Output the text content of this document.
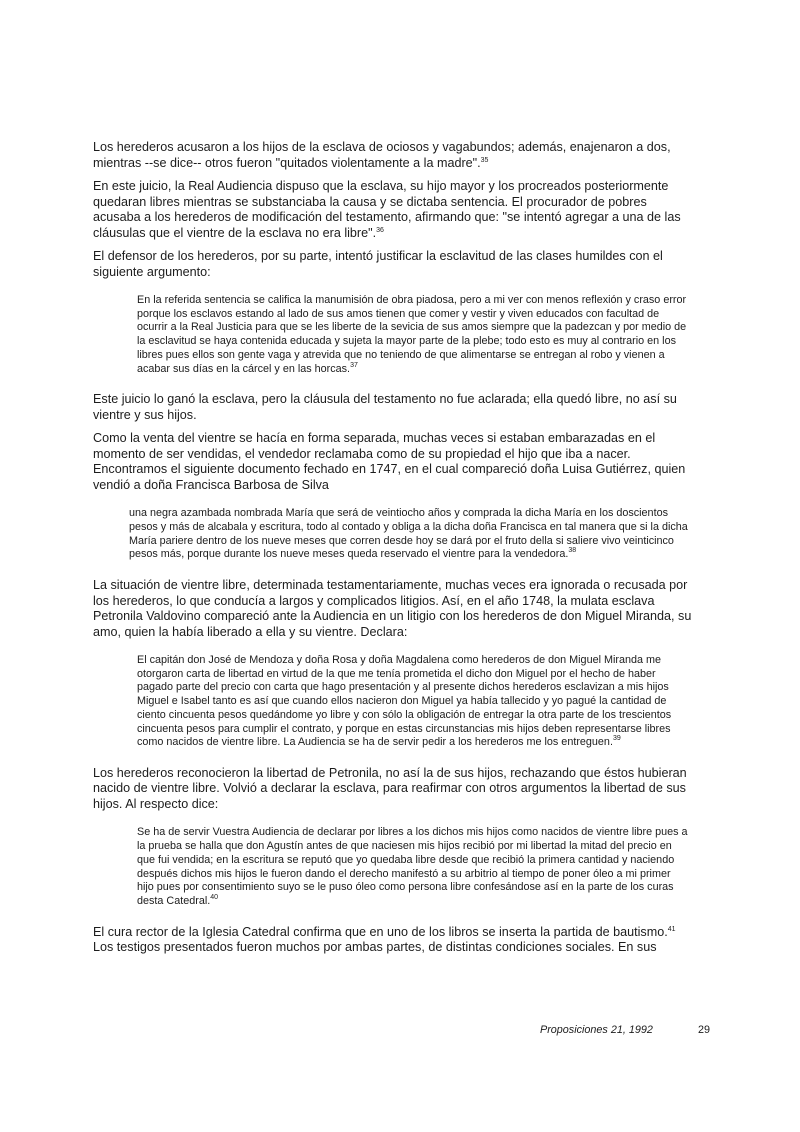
Los herederos acusaron a los hijos de la esclava de ociosos y vagabundos; además, enajenaron a dos, mientras --se dice-- otros fueron "quitados violentamente a la madre".$^{35}$

En este juicio, la Real Audiencia dispuso que la esclava, su hijo mayor y los procreados posteriormente quedaran libres mientras se substanciaba la causa y se dictaba sentencia. El procurador de pobres acusaba a los herederos de modificación del testamento, afirmando que: "se intentó agregar a una de las cláusulas que el vientre de la esclava no era libre".$^{36}$

El defensor de los herederos, por su parte, intentó justificar la esclavitud de las clases humildes con el siguiente argumento:

En la referida sentencia se califica la manumisión de obra piadosa, pero a mi ver con menos reflexión y craso error porque los esclavos estando al lado de sus amos tienen que comer y vestir y viven educados con facultad de ocurrir a la Real Justicia para que se les liberte de la sevicia de sus amos siempre que la padezcan y por medio de la esclavitud se haya contenida educada y sujeta la mayor parte de la plebe; todo esto es muy al contrario en los libres pues ellos son gente vaga y atrevida que no teniendo de que alimentarse se entregan al robo y vienen a acabar sus días en la cárcel y en las horcas.$^{37}$

Este juicio lo ganó la esclava, pero la cláusula del testamento no fue aclarada; ella quedó libre, no así su vientre y sus hijos.

Como la venta del vientre se hacía en forma separada, muchas veces si estaban embarazadas en el momento de ser vendidas, el vendedor reclamaba como de su propiedad el hijo que iba a nacer. Encontramos el siguiente documento fechado en 1747, en el cual compareció doña Luisa Gutiérrez, quien vendió a doña Francisca Barbosa de Silva

una negra azambada nombrada María que será de veintiocho años y comprada la dicha María en los doscientos pesos y más de alcabala y escritura, todo al contado y obliga a la dicha doña Francisca en tal manera que si la dicha María pariere dentro de los nueve meses que corren desde hoy se dará por el fruto della si saliere vivo veinticinco pesos más, porque durante los nueve meses queda reservado el vientre para la vendedora.$^{38}$

La situación de vientre libre, determinada testamentariamente, muchas veces era ignorada o recusada por los herederos, lo que conducía a largos y complicados litigios. Así, en el año 1748, la mulata esclava Petronila Valdovino compareció ante la Audiencia en un litigio con los herederos de don Miguel Miranda, su amo, quien la había liberado a ella y su vientre. Declara:

El capitán don José de Mendoza y doña Rosa y doña Magdalena como herederos de don Miguel Miranda me otorgaron carta de libertad en virtud de la que me tenía prometida el dicho don Miguel por el hecho de haber pagado parte del precio con carta que hago presentación y al presente dichos herederos esclavizan a mis hijos Miguel e Isabel tanto es así que cuando ellos nacieron don Miguel ya había tallecido y yo pagué la cantidad de ciento cincuenta pesos quedándome yo libre y con sólo la obligación de entregar la otra parte de los trescientos cincuenta pesos para cumplir el contrato, y porque en estas circunstancias mis hijos deben representarse libres como nacidos de vientre libre. La Audiencia se ha de servir pedir a los herederos me los entreguen.$^{39}$

Los herederos reconocieron la libertad de Petronila, no así la de sus hijos, rechazando que éstos hubieran nacido de vientre libre. Volvió a declarar la esclava, para reafirmar con otros argumentos la libertad de sus hijos. Al respecto dice:

Se ha de servir Vuestra Audiencia de declarar por libres a los dichos mis hijos como nacidos de vientre libre pues a la prueba se halla que don Agustín antes de que naciesen mis hijos recibió por mi libertad la mitad del precio en que fui vendida; en la escritura se reputó que yo quedaba libre desde que recibió la primera cantidad y naciendo después dichos mis hijos le fueron dando el derecho manifestó a su arbitrio al tiempo de poner óleo a mi primer hijo pues por consentimiento suyo se le puso óleo como persona libre confesándose así en la parte de los curas desta Catedral.$^{40}$

El cura rector de la Iglesia Catedral confirma que en uno de los libros se inserta la partida de bautismo.$^{41}$ Los testigos presentados fueron muchos por ambas partes, de distintas condiciones sociales. En sus

Proposiciones 21, 1992	29
